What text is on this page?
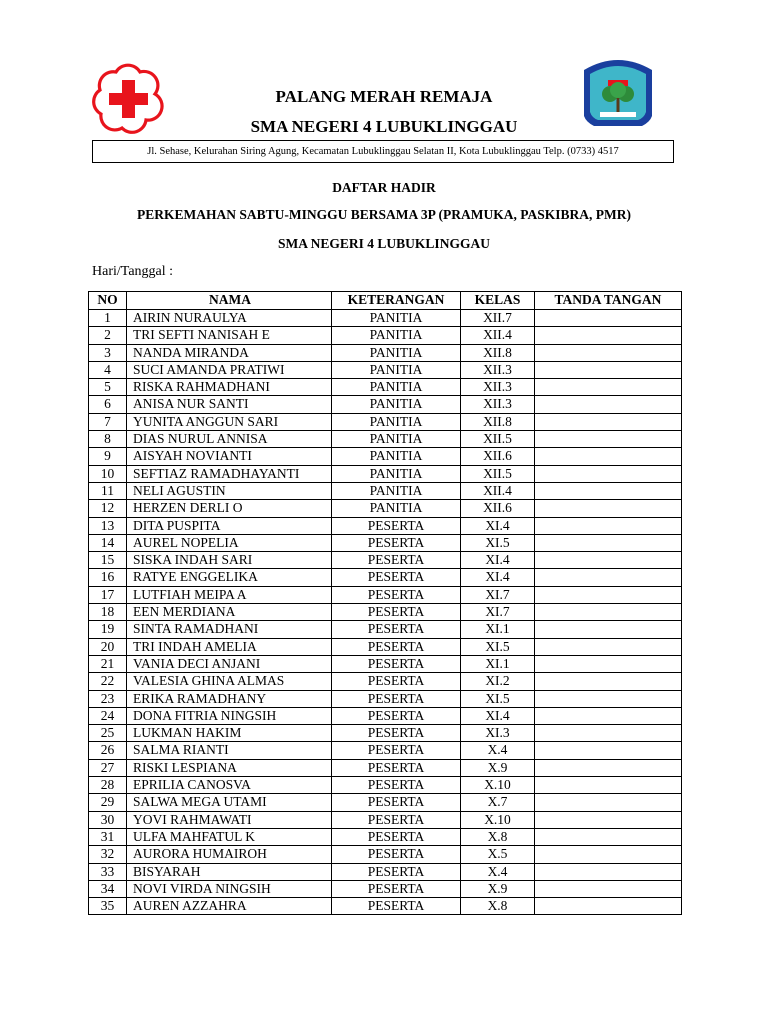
PALANG MERAH REMAJA
SMA NEGERI 4 LUBUKLINGGAU
Jl. Sehase, Kelurahan Siring Agung, Kecamatan Lubuklinggau Selatan II, Kota Lubuklinggau Telp. (0733) 4517
DAFTAR HADIR
PERKEMAHAN SABTU-MINGGU BERSAMA 3P (PRAMUKA, PASKIBRA, PMR)
SMA NEGERI 4 LUBUKLINGGAU
Hari/Tanggal :
NO	NAMA	KETERANGAN	KELAS	TANDA TANGAN
1	AIRIN NURAULYA	PANITIA	XII.7	
2	TRI SEFTI NANISAH E	PANITIA	XII.4	
3	NANDA MIRANDA	PANITIA	XII.8	
4	SUCI AMANDA PRATIWI	PANITIA	XII.3	
5	RISKA RAHMADHANI	PANITIA	XII.3	
6	ANISA NUR SANTI	PANITIA	XII.3	
7	YUNITA ANGGUN SARI	PANITIA	XII.8	
8	DIAS NURUL ANNISA	PANITIA	XII.5	
9	AISYAH NOVIANTI	PANITIA	XII.6	
10	SEFTIAZ RAMADHAYANTI	PANITIA	XII.5	
11	NELI AGUSTIN	PANITIA	XII.4	
12	HERZEN DERLI O	PANITIA	XII.6	
13	DITA PUSPITA	PESERTA	XI.4	
14	AUREL NOPELIA	PESERTA	XI.5	
15	SISKA INDAH SARI	PESERTA	XI.4	
16	RATYE ENGGELIKA	PESERTA	XI.4	
17	LUTFIAH MEIPA A	PESERTA	XI.7	
18	EEN MERDIANA	PESERTA	XI.7	
19	SINTA RAMADHANI	PESERTA	XI.1	
20	TRI INDAH AMELIA	PESERTA	XI.5	
21	VANIA DECI ANJANI	PESERTA	XI.1	
22	VALESIA GHINA ALMAS	PESERTA	XI.2	
23	ERIKA RAMADHANY	PESERTA	XI.5	
24	DONA FITRIA NINGSIH	PESERTA	XI.4	
25	LUKMAN HAKIM	PESERTA	XI.3	
26	SALMA RIANTI	PESERTA	X.4	
27	RISKI LESPIANA	PESERTA	X.9	
28	EPRILIA CANOSVA	PESERTA	X.10	
29	SALWA MEGA UTAMI	PESERTA	X.7	
30	YOVI RAHMAWATI	PESERTA	X.10	
31	ULFA MAHFATUL K	PESERTA	X.8	
32	AURORA HUMAIROH	PESERTA	X.5	
33	BISYARAH	PESERTA	X.4	
34	NOVI VIRDA NINGSIH	PESERTA	X.9	
35	AUREN AZZAHRA	PESERTA	X.8	
